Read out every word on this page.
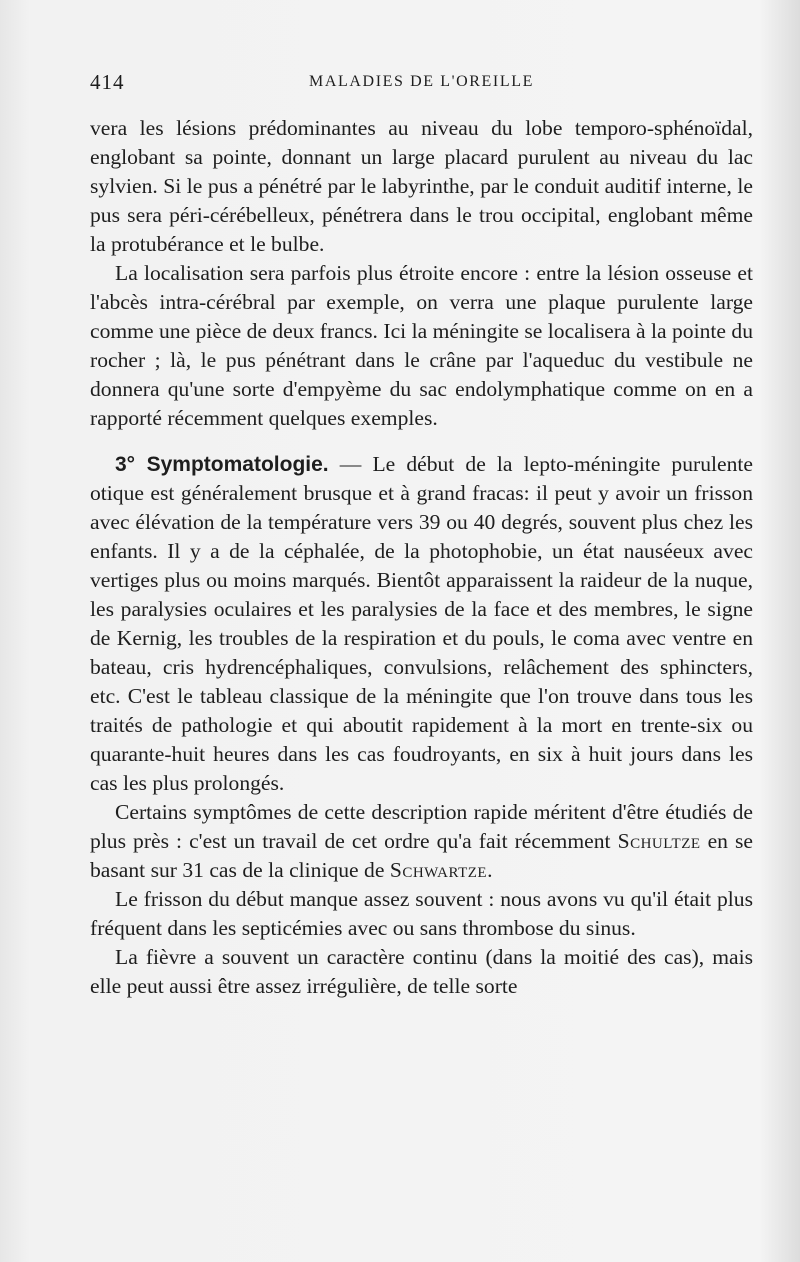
414	MALADIES DE L'OREILLE

vera les lésions prédominantes au niveau du lobe temporo-sphénoïdal, englobant sa pointe, donnant un large placard purulent au niveau du lac sylvien. Si le pus a pénétré par le labyrinthe, par le conduit auditif interne, le pus sera péri-cérébelleux, pénétrera dans le trou occipital, englobant même la protubérance et le bulbe.

La localisation sera parfois plus étroite encore : entre la lésion osseuse et l'abcès intra-cérébral par exemple, on verra une plaque purulente large comme une pièce de deux francs. Ici la méningite se localisera à la pointe du rocher ; là, le pus pénétrant dans le crâne par l'aqueduc du vestibule ne donnera qu'une sorte d'empyème du sac endolymphatique comme on en a rapporté récemment quelques exemples.

3° Symptomatologie. — Le début de la lepto-méningite purulente otique est généralement brusque et à grand fracas: il peut y avoir un frisson avec élévation de la température vers 39 ou 40 degrés, souvent plus chez les enfants. Il y a de la céphalée, de la photophobie, un état nauséeux avec vertiges plus ou moins marqués. Bientôt apparaissent la raideur de la nuque, les paralysies oculaires et les paralysies de la face et des membres, le signe de Kernig, les troubles de la respiration et du pouls, le coma avec ventre en bateau, cris hydrencéphaliques, convulsions, relâchement des sphincters, etc. C'est le tableau classique de la méningite que l'on trouve dans tous les traités de pathologie et qui aboutit rapidement à la mort en trente-six ou quarante-huit heures dans les cas foudroyants, en six à huit jours dans les cas les plus prolongés.

Certains symptômes de cette description rapide méritent d'être étudiés de plus près : c'est un travail de cet ordre qu'a fait récemment Schultze en se basant sur 31 cas de la clinique de Schwartze.

Le frisson du début manque assez souvent : nous avons vu qu'il était plus fréquent dans les septicémies avec ou sans thrombose du sinus.

La fièvre a souvent un caractère continu (dans la moitié des cas), mais elle peut aussi être assez irrégulière, de telle sorte
